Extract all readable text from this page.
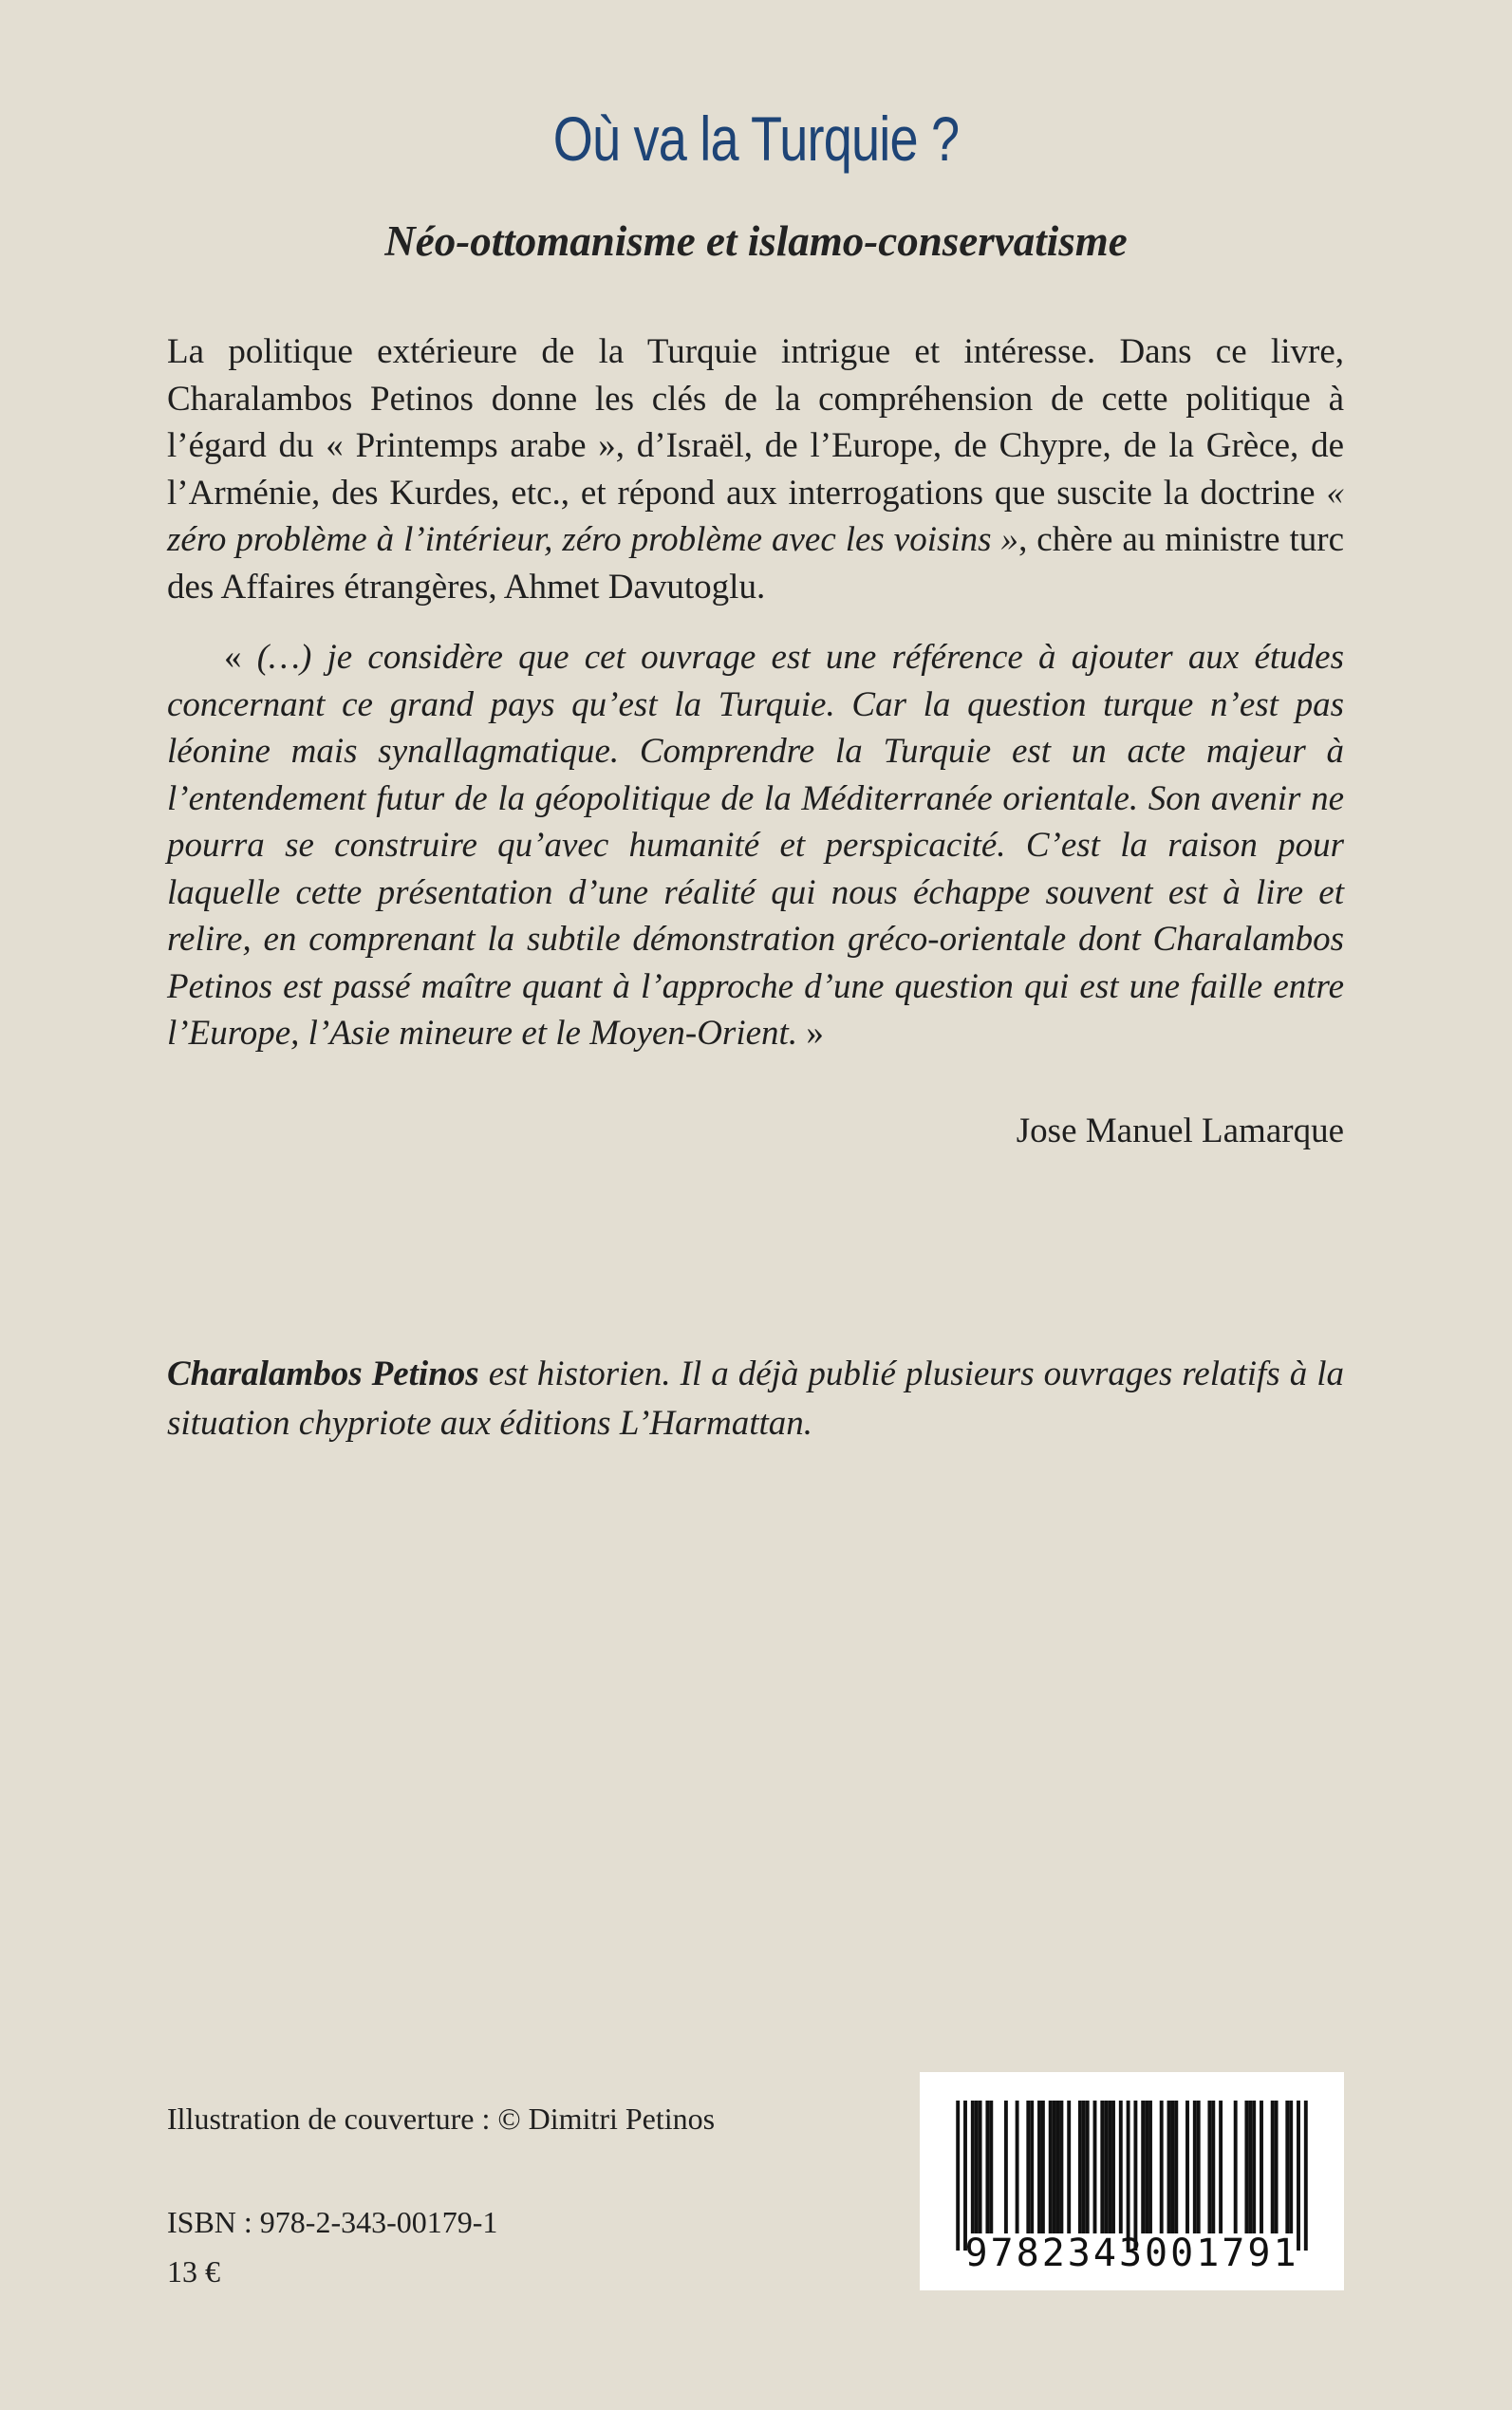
Où va la Turquie ?
Néo-ottomanisme et islamo-conservatisme

La politique extérieure de la Turquie intrigue et intéresse. Dans ce livre, Charalambos Petinos donne les clés de la compréhension de cette politique à l’égard du « Printemps arabe », d’Israël, de l’Europe, de Chypre, de la Grèce, de l’Arménie, des Kurdes, etc., et répond aux interrogations que suscite la doctrine « zéro problème à l’intérieur, zéro problème avec les voisins », chère au ministre turc des Affaires étrangères, Ahmet Davutoglu.

« (…) je considère que cet ouvrage est une référence à ajouter aux études concernant ce grand pays qu’est la Turquie. Car la question turque n’est pas léonine mais synallagmatique. Comprendre la Turquie est un acte majeur à l’entendement futur de la géopolitique de la Méditerranée orientale. Son avenir ne pourra se construire qu’avec humanité et perspicacité. C’est la raison pour laquelle cette présentation d’une réalité qui nous échappe souvent est à lire et relire, en comprenant la subtile démonstration gréco-orientale dont Charalambos Petinos est passé maître quant à l’approche d’une question qui est une faille entre l’Europe, l’Asie mineure et le Moyen-Orient. »

Jose Manuel Lamarque

Charalambos Petinos est historien. Il a déjà publié plusieurs ouvrages relatifs à la situation chypriote aux éditions L’Harmattan.

Illustration de couverture : © Dimitri Petinos

ISBN : 978-2-343-00179-1

13 €	9782343001791
